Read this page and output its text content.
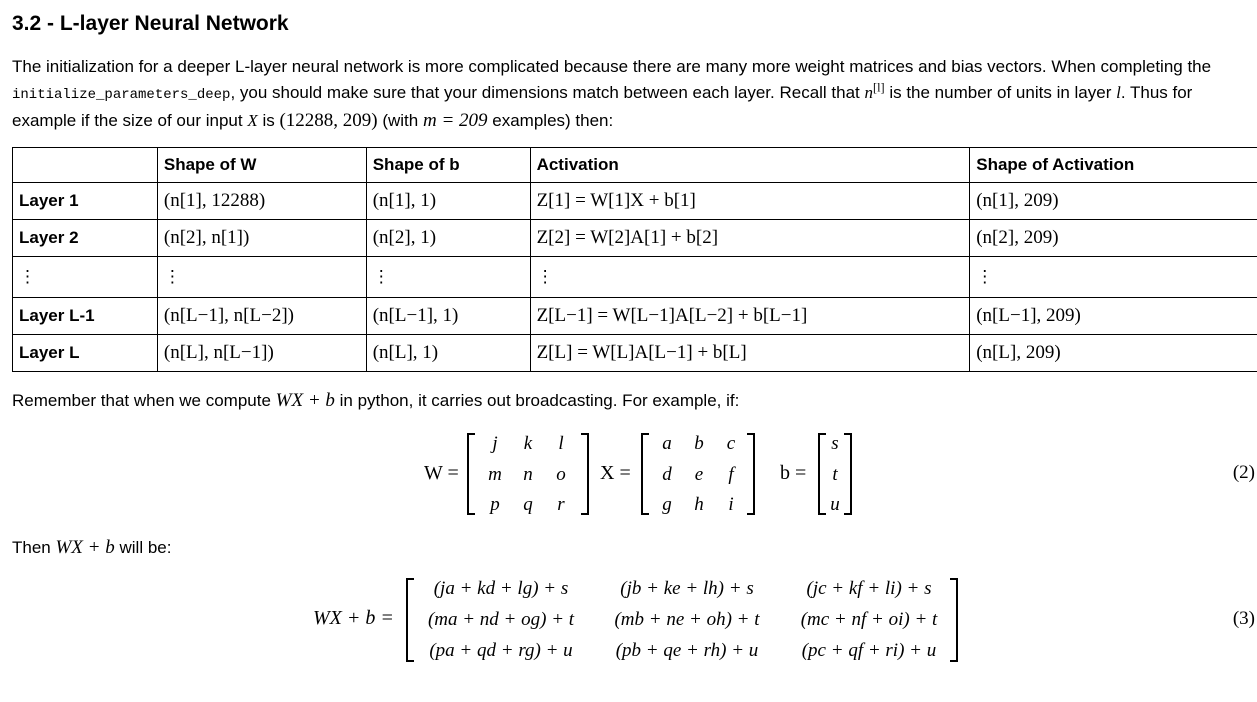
3.2 - L-layer Neural Network
The initialization for a deeper L-layer neural network is more complicated because there are many more weight matrices and bias vectors. When completing the initialize_parameters_deep, you should make sure that your dimensions match between each layer. Recall that n[l] is the number of units in layer l. Thus for example if the size of our input X is (12288, 209) (with m = 209 examples) then:
	Shape of W	Shape of b	Activation	Shape of Activation
Layer 1	(n[1], 12288)	(n[1], 1)	Z[1] = W[1]X + b[1]	(n[1], 209)
Layer 2	(n[2], n[1])	(n[2], 1)	Z[2] = W[2]A[1] + b[2]	(n[2], 209)
⋮	⋮	⋮	⋮	⋮
Layer L-1	(n[L−1], n[L−2])	(n[L−1], 1)	Z[L−1] = W[L−1]A[L−2] + b[L−1]	(n[L−1], 209)
Layer L	(n[L], n[L−1])	(n[L], 1)	Z[L] = W[L]A[L−1] + b[L]	(n[L], 209)
Remember that when we compute WX + b in python, it carries out broadcasting. For example, if:
W =
j	k	l
m	n	o
p	q	r
X =
a	b	c
d	e	f
g	h	i
b =
s
t
u
(2)
Then WX + b will be:
WX + b =
(ja + kd + lg) + s	(jb + ke + lh) + s	(jc + kf + li) + s
(ma + nd + og) + t	(mb + ne + oh) + t	(mc + nf + oi) + t
(pa + qd + rg) + u	(pb + qe + rh) + u	(pc + qf + ri) + u
(3)
